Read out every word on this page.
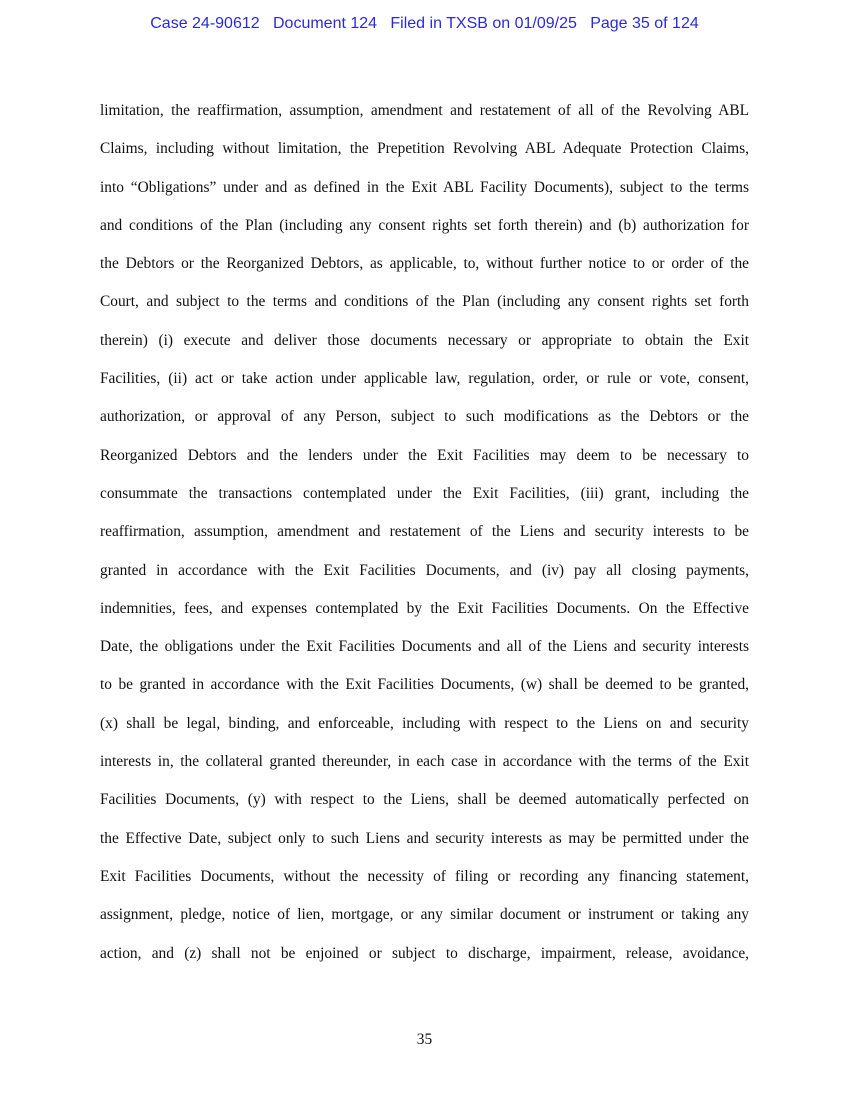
Case 24-90612   Document 124   Filed in TXSB on 01/09/25   Page 35 of 124
limitation, the reaffirmation, assumption, amendment and restatement of all of the Revolving ABL
Claims, including without limitation, the Prepetition Revolving ABL Adequate Protection Claims,
into “Obligations” under and as defined in the Exit ABL Facility Documents), subject to the terms
and conditions of the Plan (including any consent rights set forth therein) and (b) authorization for
the Debtors or the Reorganized Debtors, as applicable, to, without further notice to or order of the
Court, and subject to the terms and conditions of the Plan (including any consent rights set forth
therein) (i) execute and deliver those documents necessary or appropriate to obtain the Exit
Facilities, (ii) act or take action under applicable law, regulation, order, or rule or vote, consent,
authorization, or approval of any Person, subject to such modifications as the Debtors or the
Reorganized Debtors and the lenders under the Exit Facilities may deem to be necessary to
consummate the transactions contemplated under the Exit Facilities, (iii) grant, including the
reaffirmation, assumption, amendment and restatement of the Liens and security interests to be
granted in accordance with the Exit Facilities Documents, and (iv) pay all closing payments,
indemnities, fees, and expenses contemplated by the Exit Facilities Documents. On the Effective
Date, the obligations under the Exit Facilities Documents and all of the Liens and security interests
to be granted in accordance with the Exit Facilities Documents, (w) shall be deemed to be granted,
(x) shall be legal, binding, and enforceable, including with respect to the Liens on and security
interests in, the collateral granted thereunder, in each case in accordance with the terms of the Exit
Facilities Documents, (y) with respect to the Liens, shall be deemed automatically perfected on
the Effective Date, subject only to such Liens and security interests as may be permitted under the
Exit Facilities Documents, without the necessity of filing or recording any financing statement,
assignment, pledge, notice of lien, mortgage, or any similar document or instrument or taking any
action, and (z) shall not be enjoined or subject to discharge, impairment, release, avoidance,
35
